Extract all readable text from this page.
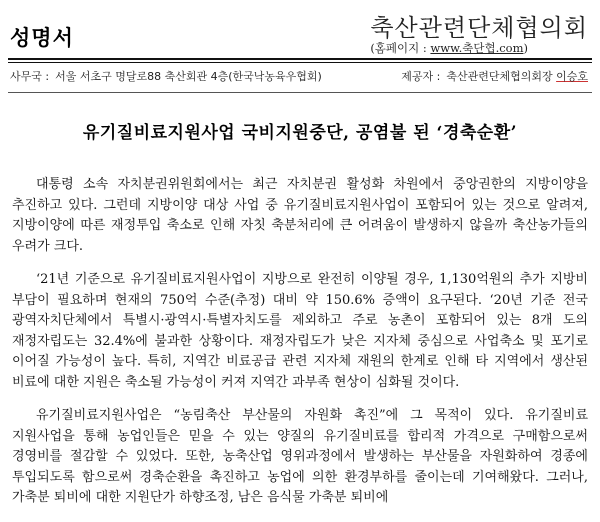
성명서	축산관련단체협의회
(홈페이지 : www.축단협.com)
사무국 : 서울 서초구 명달로88 축산회관 4층(한국낙농육우협회)	제공자 : 축산관련단체협의회장 이승호
유기질비료지원사업 국비지원중단, 공염불 된 ‘경축순환’

대통령 소속 자치분권위원회에서는 최근 자치분권 활성화 차원에서 중앙권한의 지방이양을 추진하고 있다. 그런데 지방이양 대상 사업 중 유기질비료지원사업이 포함되어 있는 것으로 알려져, 지방이양에 따른 재정투입 축소로 인해 자칫 축분처리에 큰 어려움이 발생하지 않을까 축산농가들의 우려가 크다.

‘21년 기준으로 유기질비료지원사업이 지방으로 완전히 이양될 경우, 1,130억원의 추가 지방비 부담이 필요하며 현재의 750억 수준(추정) 대비 약 150.6% 증액이 요구된다. ‘20년 기준 전국 광역자치단체에서 특별시·광역시·특별자치도를 제외하고 주로 농촌이 포함되어 있는 8개 도의 재정자립도는 32.4%에 불과한 상황이다. 재정자립도가 낮은 지자체 중심으로 사업축소 및 포기로 이어질 가능성이 높다. 특히, 지역간 비료공급 관련 지자체 재원의 한계로 인해 타 지역에서 생산된 비료에 대한 지원은 축소될 가능성이 커져 지역간 과부족 현상이 심화될 것이다.

유기질비료지원사업은 “농림축산 부산물의 자원화 촉진”에 그 목적이 있다. 유기질비료 지원사업을 통해 농업인들은 믿을 수 있는 양질의 유기질비료를 합리적 가격으로 구매함으로써 경영비를 절감할 수 있었다. 또한, 농축산업 영위과정에서 발생하는 부산물을 자원화하여 경종에 투입되도록 함으로써 경축순환을 촉진하고 농업에 의한 환경부하를 줄이는데 기여해왔다. 그러나, 가축분 퇴비에 대한 지원단가 하향조정, 남은 음식물 가축분 퇴비에
